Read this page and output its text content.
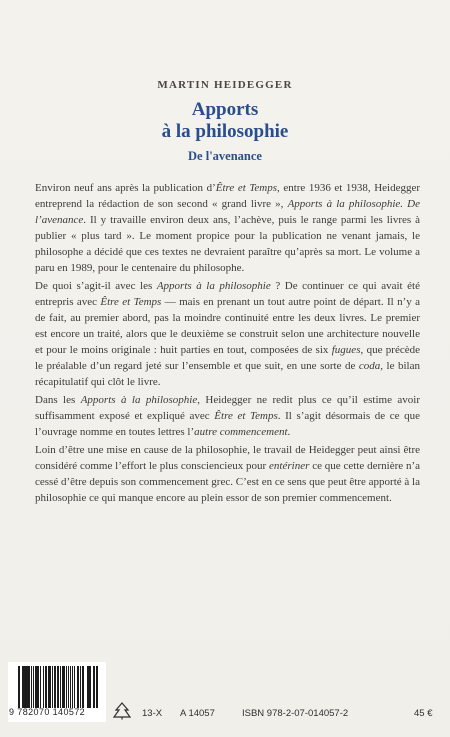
MARTIN HEIDEGGER
Apports
à la philosophie
De l'avenance

Environ neuf ans après la publication d’Être et Temps, entre 1936 et 1938, Heidegger entreprend la rédaction de son second « grand livre », Apports à la philosophie. De l’avenance. Il y travaille environ deux ans, l’achève, puis le range parmi les livres à publier « plus tard ». Le moment propice pour la publication ne venant jamais, le philosophe a décidé que ces textes ne devraient paraître qu’après sa mort. Le volume a paru en 1989, pour le centenaire du philosophe.

De quoi s’agit-il avec les Apports à la philosophie ? De continuer ce qui avait été entrepris avec Être et Temps — mais en prenant un tout autre point de départ. Il n’y a de fait, au premier abord, pas la moindre continuité entre les deux livres. Le premier est encore un traité, alors que le deuxième se construit selon une architecture nouvelle et pour le moins originale : huit parties en tout, composées de six fugues, que précède le préalable d’un regard jeté sur l’ensemble et que suit, en une sorte de coda, le bilan récapitulatif qui clôt le livre.

Dans les Apports à la philosophie, Heidegger ne redit plus ce qu’il estime avoir suffisamment exposé et expliqué avec Être et Temps. Il s’agit désormais de ce que l’ouvrage nomme en toutes lettres l’autre commencement.

Loin d’être une mise en cause de la philosophie, le travail de Heidegger peut ainsi être considéré comme l’effort le plus consciencieux pour entériner ce que cette dernière n’a cessé d’être depuis son commencement grec. C’est en ce sens que peut être apporté à la philosophie ce qui manque encore au plein essor de son premier commencement.

9 782070 140572	13-X A 14057	ISBN 978-2-07-014057-2	45 €
